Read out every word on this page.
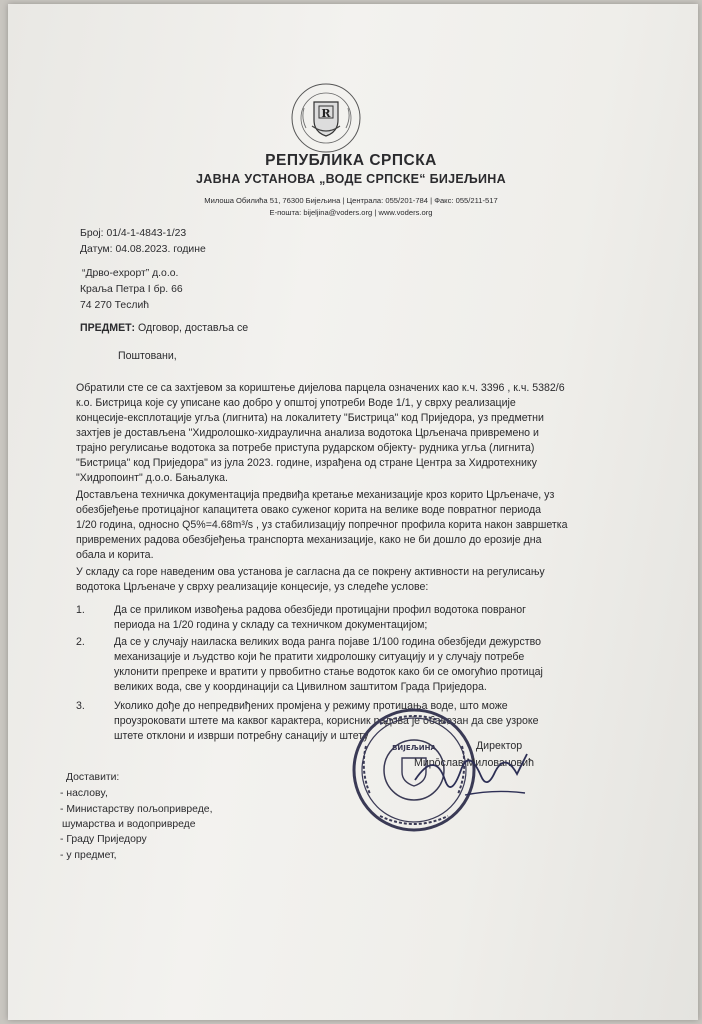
R
РЕПУБЛИКА СРПСКА
ЈАВНА УСТАНОВА „ВОДЕ СРПСКЕ“ БИЈЕЉИНА
Милоша Обилића 51, 76300 Бијељина | Централа: 055/201-784 | Факс: 055/211-517
E-пошта: bijeljina@voders.org | www.voders.org
Број: 01/4-1-4843-1/23
Датум: 04.08.2023. године
“Дрво-expорт” д.о.о.
Краља Петра I бр. 66
74 270 Теслић
ПРЕДМЕТ: Одговор, доставља се
Поштовани,
Обратили сте се са захтјевом за кориштење дијелова парцела означених као к.ч. 3396 , к.ч. 5382/6
к.о. Бистрица које су уписане као добро у општој употреби Воде 1/1, у сврху реализације
концесије-експлотације угља (лигнита) на локалитету "Бистрица" код Приједора, уз предметни
захтјев је достављена "Хидролошко-хидраулична анализа водотока Црљенача привремено и
трајно регулисање водотока за потребе приступа рударском објекту- рудника угља (лигнита)
"Бистрица" код Приједора" из јула 2023. године, израђена од стране Центра за Хидротехнику
"Хидропоинт" д.о.о. Бањалука.
Достављена техничка документација предвиђа кретање механизације кроз корито Црљеначе, уз
обезбјеђење протицајног капацитета овако суженог корита на велике воде повратног периода
1/20 година, односно Q5%=4.68m³/s , уз стабилизацију попречног профила корита након завршетка
привремених радова обезбјеђења транспорта механизације, како не би дошло до ерозије дна
обала и корита.
У складу са горе наведеним ова установа је сагласна да се покрену активности на регулисању
водотока Црљеначе у сврху реализације концесије, уз следеће услове:
1.	Да се приликом извођења радова обезбједи протицајни профил водотока повраног
периода на 1/20 година у складу са техничком документацијом;
2.	Да се у случају наиласка великих вода ранга појаве 1/100 година обезбједи дежурство
механизације и људство који ће пратити хидролошку ситуацију и у случају потребе
уклонити препреке и вратити у првобитно стање водоток како би се омогућио протицај
великих вода, све у координацији са Цивилном заштитом Града Приједора.
3.	Уколико дође до непредвиђених промјена у режиму протицања воде, што може
проузроковати штете ма каквог карактера, корисник радова је обавезан да све узроке
штете отклони и изврши потребну санацију и штету
БИЈЕЉИНА	Директор
Миро̄слав Миловановић
Доставити:
- насловy,
- Министарству пољопривреде,
шумарства и водопривреде
- Граду Приједору
- у предмет,
